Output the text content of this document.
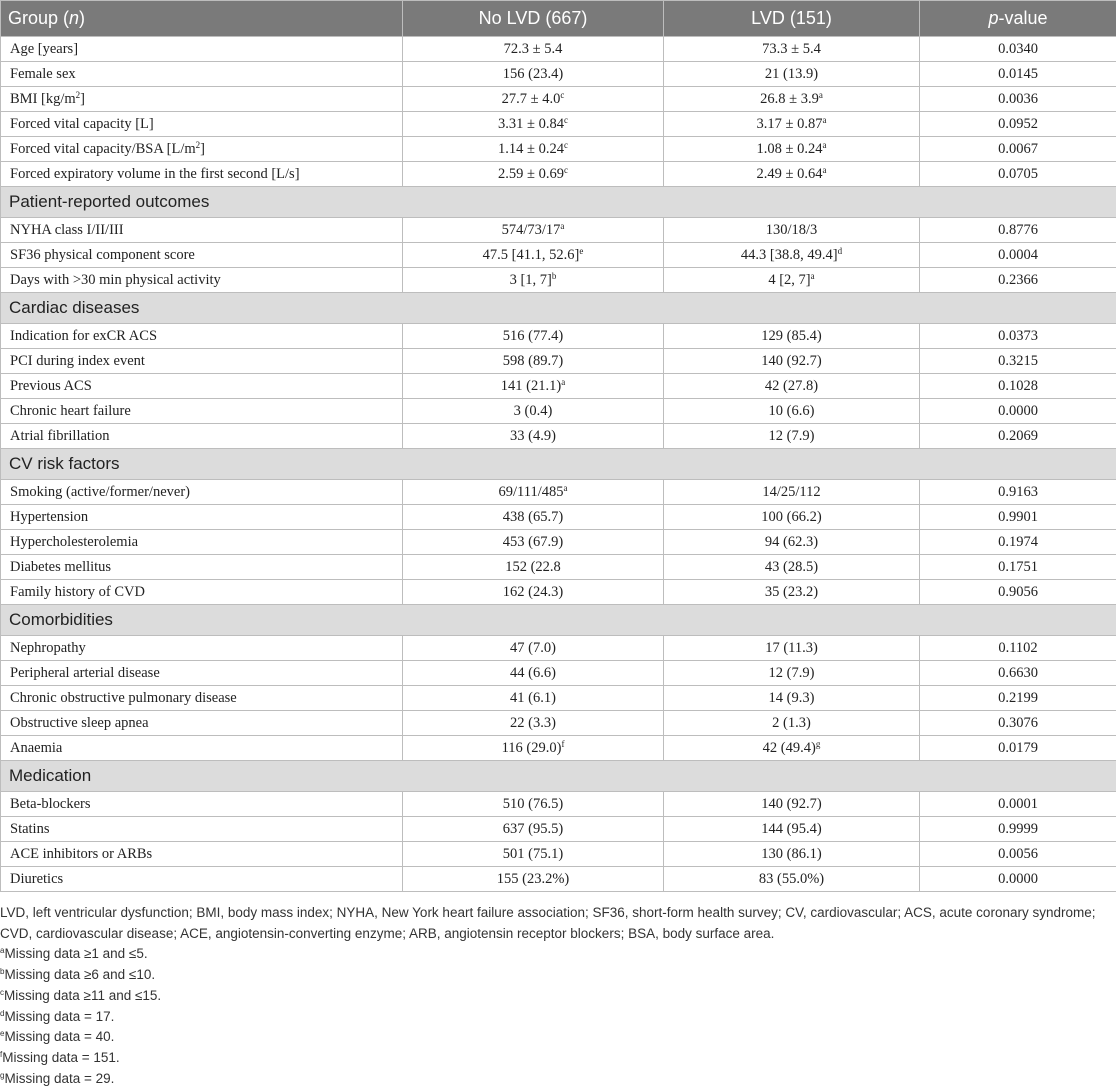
Group (n)	No LVD (667)	LVD (151)	p-value
Age [years]	72.3 ± 5.4	73.3 ± 5.4	0.0340
Female sex	156 (23.4)	21 (13.9)	0.0145
BMI $[kg/m^2]$	27.7 ± 4.0$^c$	26.8 ± 3.9$^a$	0.0036
Forced vital capacity [L]	3.31 ± 0.84$^c$	3.17 ± 0.87$^a$	0.0952
Forced vital capacity/BSA $[L/m^2]$	1.14 ± 0.24$^c$	1.08 ± 0.24$^a$	0.0067
Forced expiratory volume in the first second [L/s]	2.59 ± 0.69$^c$	2.49 ± 0.64$^a$	0.0705
Patient-reported outcomes			
NYHA class I/II/III	574/73/17$^a$	130/18/3	0.8776
SF36 physical component score	47.5 [41.1, 52.6]$^e$	44.3 [38.8, 49.4]$^d$	0.0004
Days with >30 min physical activity	3 [1, 7]$^b$	4 [2, 7]$^a$	0.2366
Cardiac diseases			
Indication for exCR ACS	516 (77.4)	129 (85.4)	0.0373
PCI during index event	598 (89.7)	140 (92.7)	0.3215
Previous ACS	141 $(21.1)^a$	42 (27.8)	0.1028
Chronic heart failure	3 (0.4)	10 (6.6)	0.0000
Atrial fibrillation	33 (4.9)	12 (7.9)	0.2069
CV risk factors			
Smoking (active/former/never)	69/111/485$^a$	14/25/112	0.9163
Hypertension	438 (65.7)	100 (66.2)	0.9901
Hypercholesterolemia	453 (67.9)	94 (62.3)	0.1974
Diabetes mellitus	152 (22.8	43 (28.5)	0.1751
Family history of CVD	162 (24.3)	35 (23.2)	0.9056
Comorbidities			
Nephropathy	47 (7.0)	17 (11.3)	0.1102
Peripheral arterial disease	44 (6.6)	12 (7.9)	0.6630
Chronic obstructive pulmonary disease	41 (6.1)	14 (9.3)	0.2199
Obstructive sleep apnea	22 (3.3)	2 (1.3)	0.3076
Anaemia	116 $(29.0)^f$	42 $(49.4)^g$	0.0179
Medication			
Beta-blockers	510 (76.5)	140 (92.7)	0.0001
Statins	637 (95.5)	144 (95.4)	0.9999
ACE inhibitors or ARBs	501 (75.1)	130 (86.1)	0.0056
Diuretics	155 (23.2%)	83 (55.0%)	0.0000

LVD, left ventricular dysfunction; BMI, body mass index; NYHA, New York heart failure association; SF36, short-form health survey; CV, cardiovascular; ACS, acute coronary syndrome; CVD, cardiovascular disease; ACE, angiotensin-converting enzyme; ARB, angiotensin receptor blockers; BSA, body surface area.

$^a$Missing data ≥1 and ≤5.

$^b$Missing data ≥6 and ≤10.

$^c$Missing data ≥11 and ≤15.

$^d$Missing data = 17.

$^e$Missing data = 40.

$^f$Missing data = 151.

$^g$Missing data = 29.
